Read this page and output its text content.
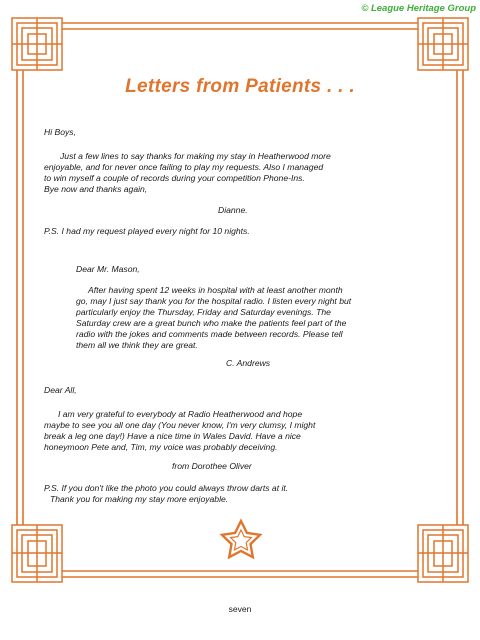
© League Heritage Group
Letters from Patients . . .
Hi Boys,
Just a few lines to say thanks for making my stay in Heatherwood more
enjoyable, and for never once failing to play my requests. Also I managed
to win myself a couple of records during your competition Phone-Ins.
Bye now and thanks again,
Dianne.
P.S. I had my request played every night for 10 nights.
Dear Mr. Mason,
After having spent 12 weeks in hospital with at least another month
go, may I just say thank you for the hospital radio. I listen every night but
particularly enjoy the Thursday, Friday and Saturday evenings. The
Saturday crew are a great bunch who make the patients feel part of the
radio with the jokes and comments made between records. Please tell
them all we think they are great.
C. Andrews
Dear All,
I am very grateful to everybody at Radio Heatherwood and hope
maybe to see you all one day (You never know, I'm very clumsy, I might
break a leg one day!) Have a nice time in Wales David. Have a nice
honeymoon Pete and, Tim, my voice was probably deceiving.
from Dorothee Oliver
P.S. If you don't like the photo you could always throw darts at it.
Thank you for making my stay more enjoyable.
seven
